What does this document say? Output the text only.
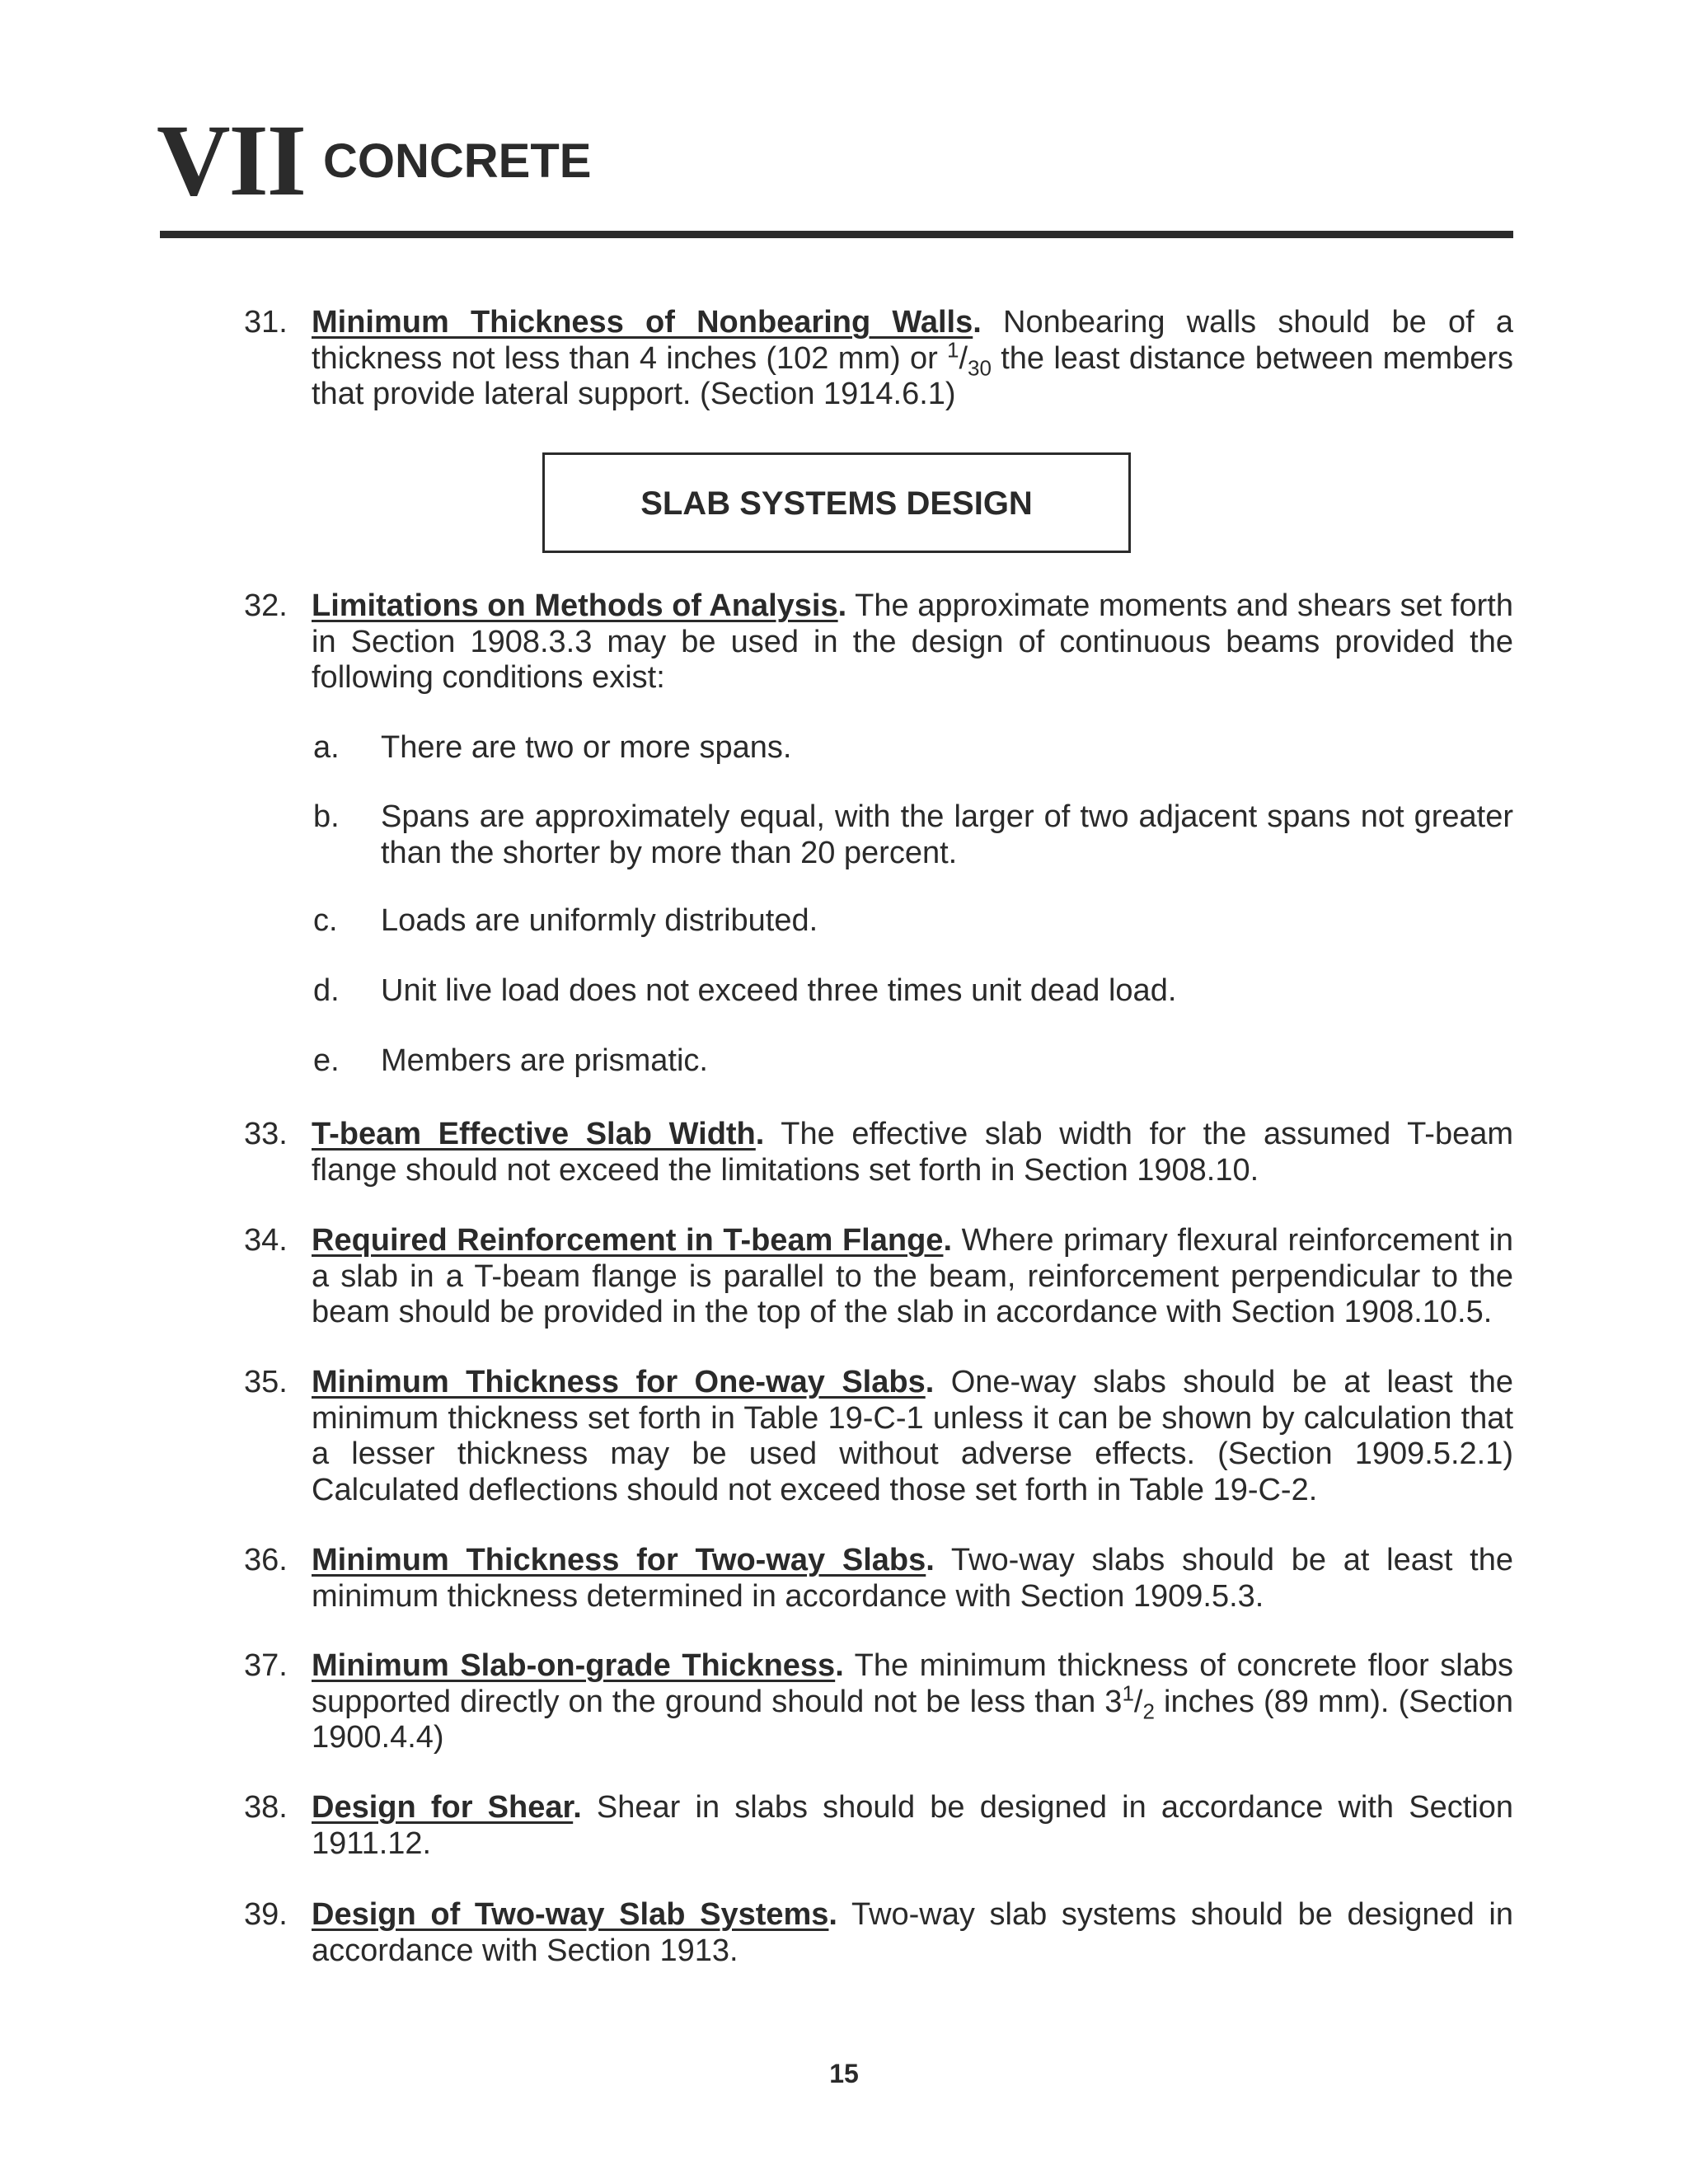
VII CONCRETE
31. Minimum Thickness of Nonbearing Walls. Nonbearing walls should be of a thickness not less than 4 inches (102 mm) or $^1/_{30}$ the least distance between members that provide lateral support. (Section 1914.6.1)

SLAB SYSTEMS DESIGN
32. Limitations on Methods of Analysis. The approximate moments and shears set forth in Section 1908.3.3 may be used in the design of continuous beams provided the following conditions exist:

a. There are two or more spans.
b. Spans are approximately equal, with the larger of two adjacent spans not greater than the shorter by more than 20 percent.
c. Loads are uniformly distributed.
d. Unit live load does not exceed three times unit dead load.
e. Members are prismatic.
33. T-beam Effective Slab Width. The effective slab width for the assumed T-beam flange should not exceed the limitations set forth in Section 1908.10.

34. Required Reinforcement in T-beam Flange. Where primary flexural reinforcement in a slab in a T-beam flange is parallel to the beam, reinforcement perpendicular to the beam should be provided in the top of the slab in accordance with Section 1908.10.5.

35. Minimum Thickness for One-way Slabs. One-way slabs should be at least the minimum thickness set forth in Table 19-C-1 unless it can be shown by calculation that a lesser thickness may be used without adverse effects. (Section 1909.5.2.1) Calculated deflections should not exceed those set forth in Table 19-C-2.

36. Minimum Thickness for Two-way Slabs. Two-way slabs should be at least the minimum thickness determined in accordance with Section 1909.5.3.

37. Minimum Slab-on-grade Thickness. The minimum thickness of concrete floor slabs supported directly on the ground should not be less than $3^1/_2$ inches (89 mm). (Section 1900.4.4)

38. Design for Shear. Shear in slabs should be designed in accordance with Section 1911.12.

39. Design of Two-way Slab Systems. Two-way slab systems should be designed in accordance with Section 1913.

15
